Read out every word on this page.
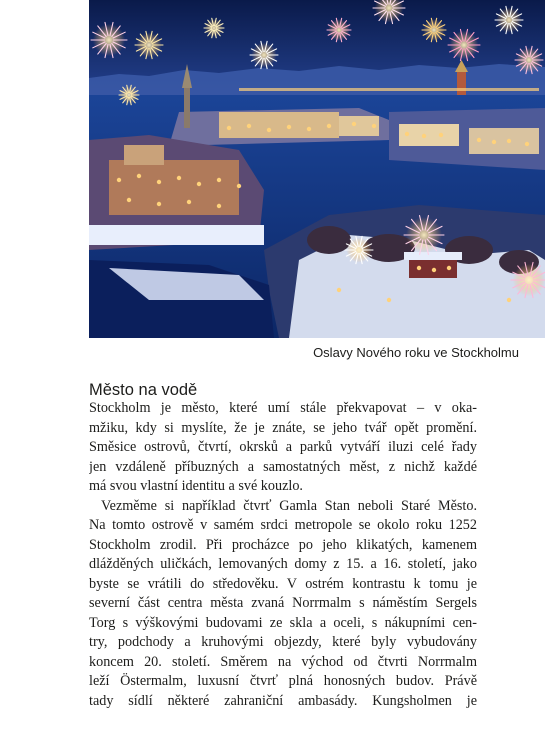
Oslavy Nového roku ve Stockholmu
Město na vodě
Stockholm je město, které umí stále překvapovat – v oka-
mžiku, kdy si myslíte, že je znáte, se jeho tvář opět promění.
Směsice ostrovů, čtvrtí, okrsků a parků vytváří iluzi celé řady
jen vzdáleně příbuzných a samostatných měst, z nichž každé
má svou vlastní identitu a své kouzlo.
Vezměme si například čtvrť Gamla Stan neboli Staré Město.
Na tomto ostrově v samém srdci metropole se okolo roku 1252
Stockholm zrodil. Při procházce po jeho klikatých, kamenem
dlážděných uličkách, lemovaných domy z 15. a 16. století, jako
byste se vrátili do středověku. V ostrém kontrastu k tomu je
severní část centra města zvaná Norrmalm s náměstím Sergels
Torg s výškovými budovami ze skla a oceli, s nákupními cen-
try, podchody a kruhovými objezdy, které byly vybudovány
koncem 20. století. Směrem na východ od čtvrti Norrmalm
leží Östermalm, luxusní čtvrť plná honosných budov. Právě
tady sídlí některé zahraniční ambasády. Kungsholmen je
